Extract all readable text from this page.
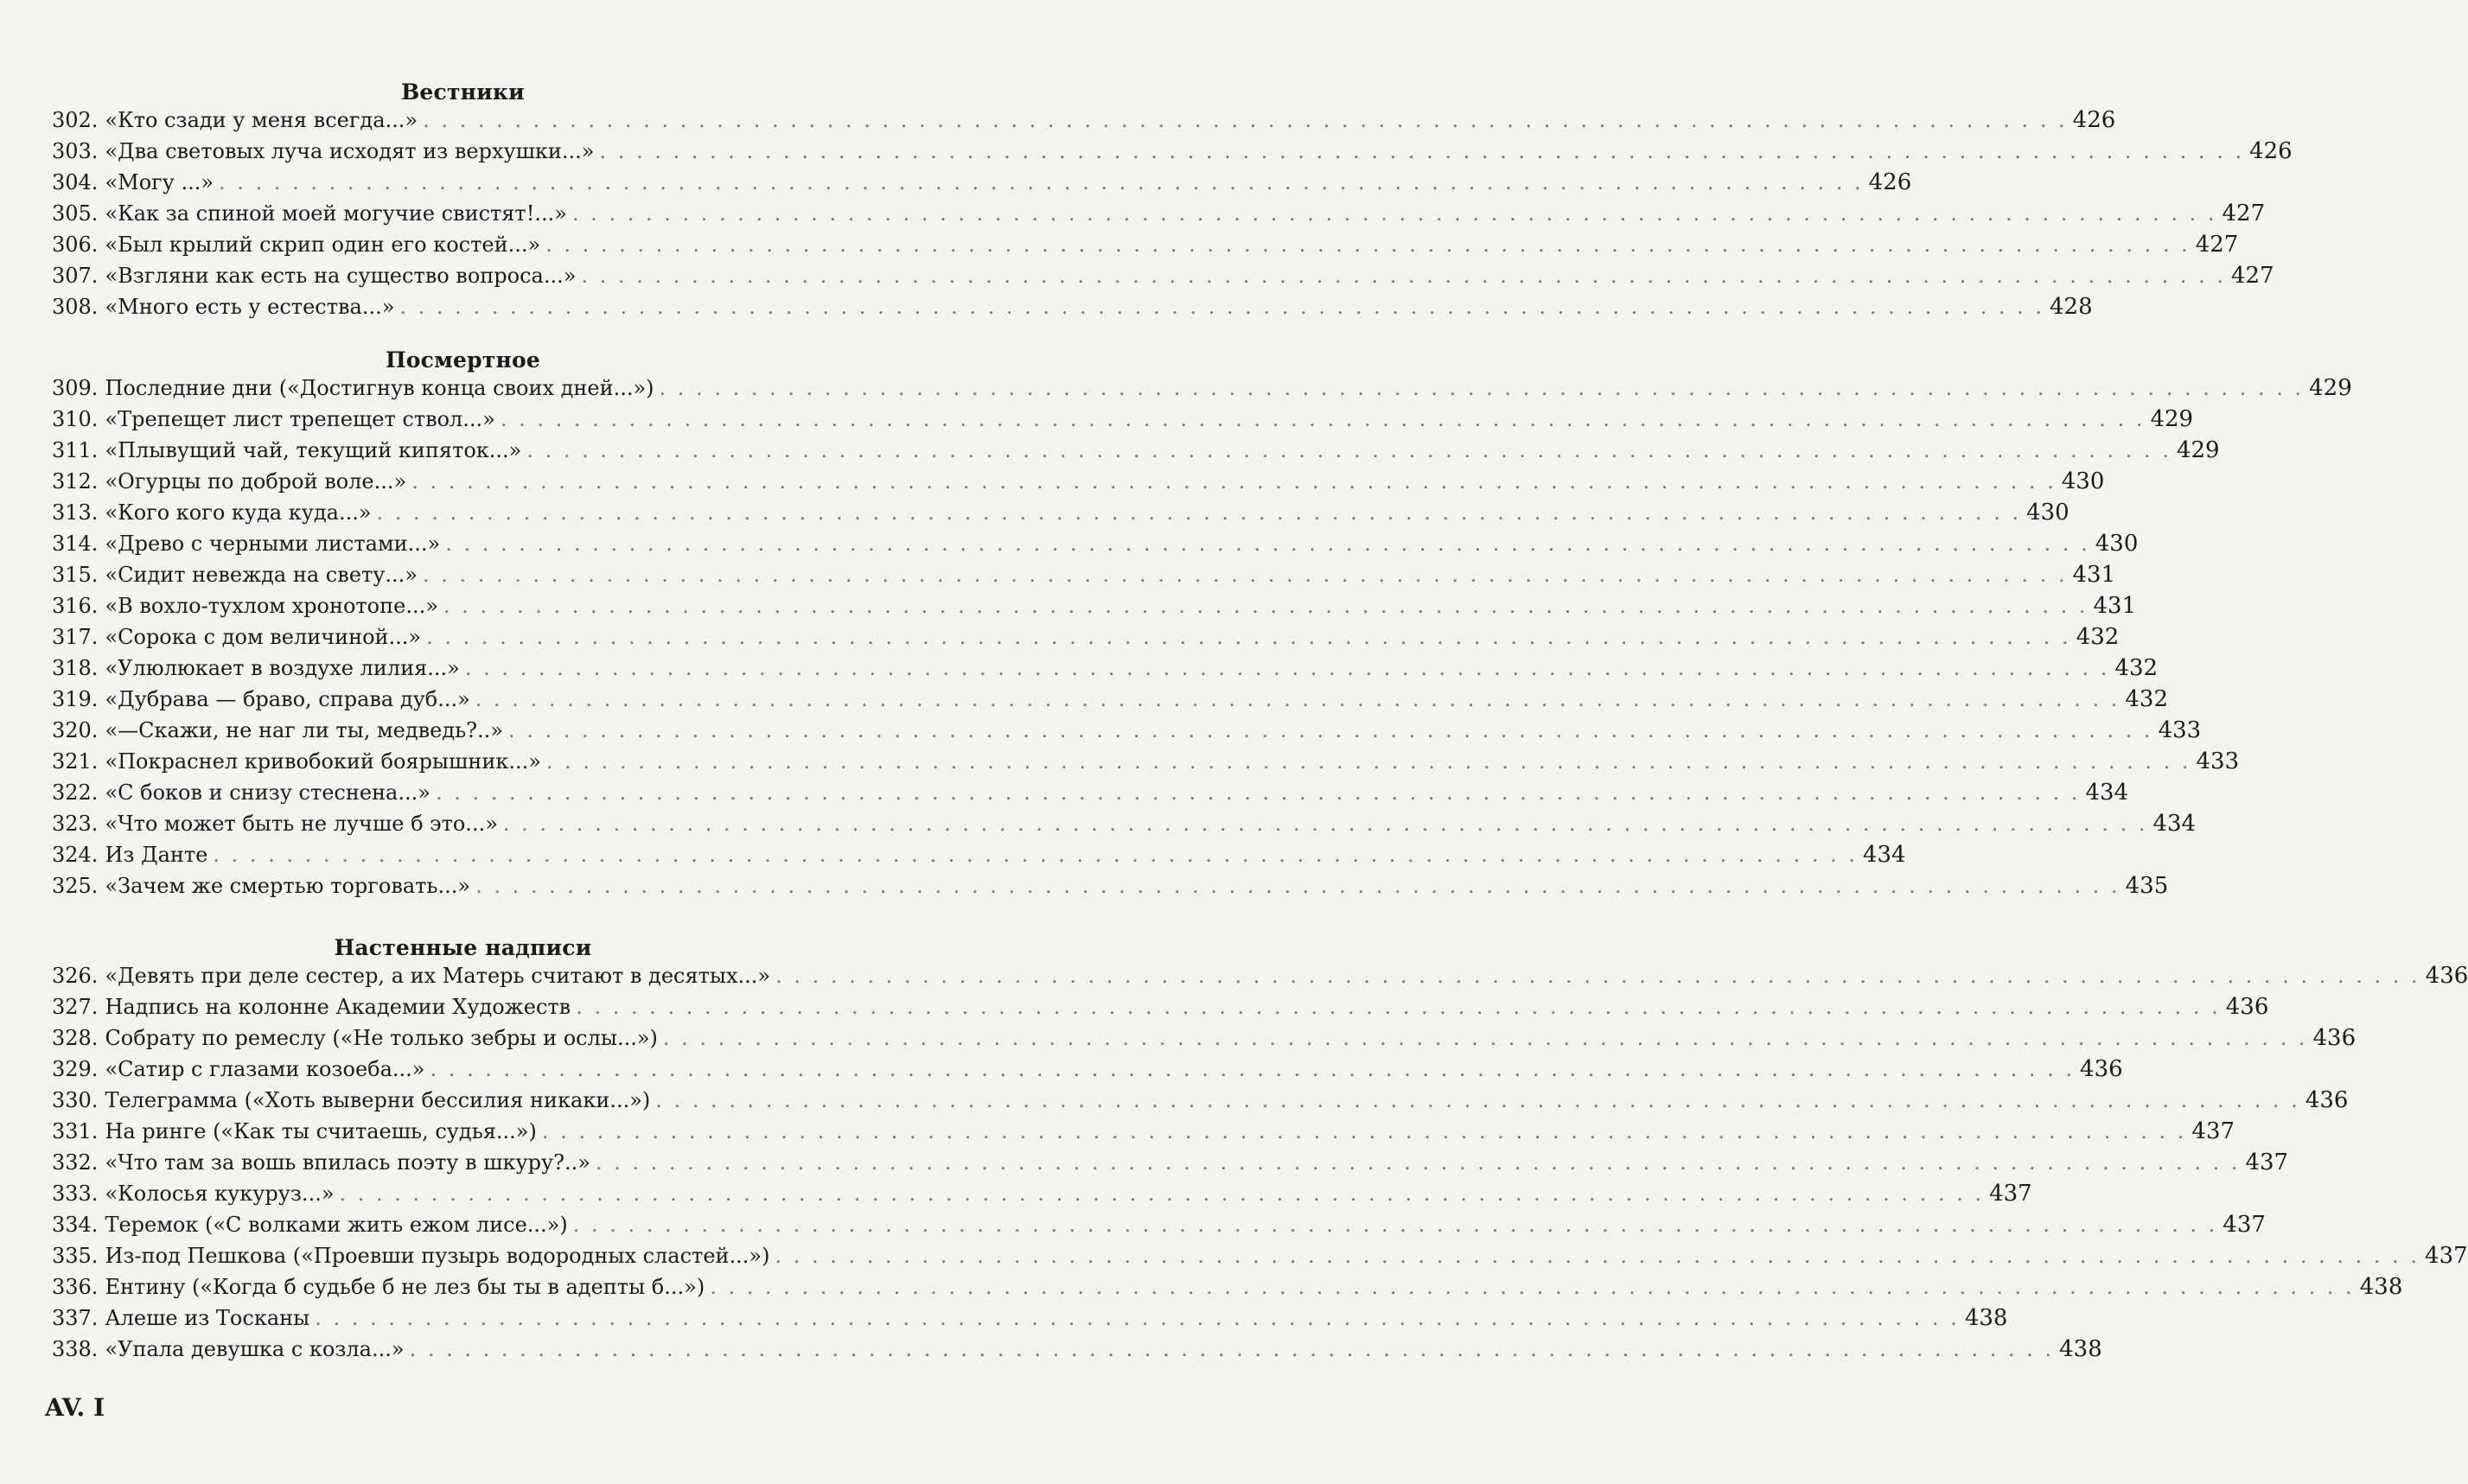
Вестники
302. «Кто сзади у меня всегда...» . . .	426
303. «Два световых луча исходят из верхушки...» . . .	426
304. «Могу ...» . . .	426
305. «Как за спиной моей могучие свистят!...» . . .	427
306. «Был крылий скрип один его костей...» . . .	427
307. «Взгляни как есть на существо вопроса...» . . .	427
308. «Много есть у естества...» . . .	428
Посмертное
309. Последние дни («Достигнув конца своих дней...») . . .	429
310. «Трепещет лист трепещет ствол...» . . .	429
311. «Плывущий чай, текущий кипяток...» . . .	429
312. «Огурцы по доброй воле...» . . .	430
313. «Кого кого куда куда...» . . .	430
314. «Древо с черными листами...» . . .	430
315. «Сидит невежда на свету...» . . .	431
316. «В вохло-тухлом хронотопе...» . . .	431
317. «Сорока с дом величиной...» . . .	432
318. «Улюлюкает в воздухе лилия...» . . .	432
319. «Дубрава — браво, справа дуб...» . . .	432
320. «—Скажи, не наг ли ты, медведь?..» . . .	433
321. «Покраснел кривобокий боярышник...» . . .	433
322. «С боков и снизу стеснена...» . . .	434
323. «Что может быть не лучше б это...» . . .	434
324. Из Данте . . .	434
325. «Зачем же смертью торговать...» . . .	435
Настенные надписи
326. «Девять при деле сестер, а их Матерь считают в десятых...» . . .	436
327. Надпись на колонне Академии Художеств . . .	436
328. Собрату по ремеслу («Не только зебры и ослы...») . . .	436
329. «Сатир с глазами козоеба...» . . .	436
330. Телеграмма («Хоть выверни бессилия никаки...») . . .	436
331. На ринге («Как ты считаешь, судья...») . . .	437
332. «Что там за вошь впилась поэту в шкуру?..» . . .	437
333. «Колосья кукуруз...» . . .	437
334. Теремок («С волками жить ежом лисе...») . . .	437
335. Из-под Пешкова («Проевши пузырь водородных сластей...») . . .	437
336. Ентину («Когда б судьбе б не лез бы ты в адепты б...») . . .	438
337. Алеше из Тосканы . . .	438
338. «Упала девушка с козла...» . . .	438
AV. I
